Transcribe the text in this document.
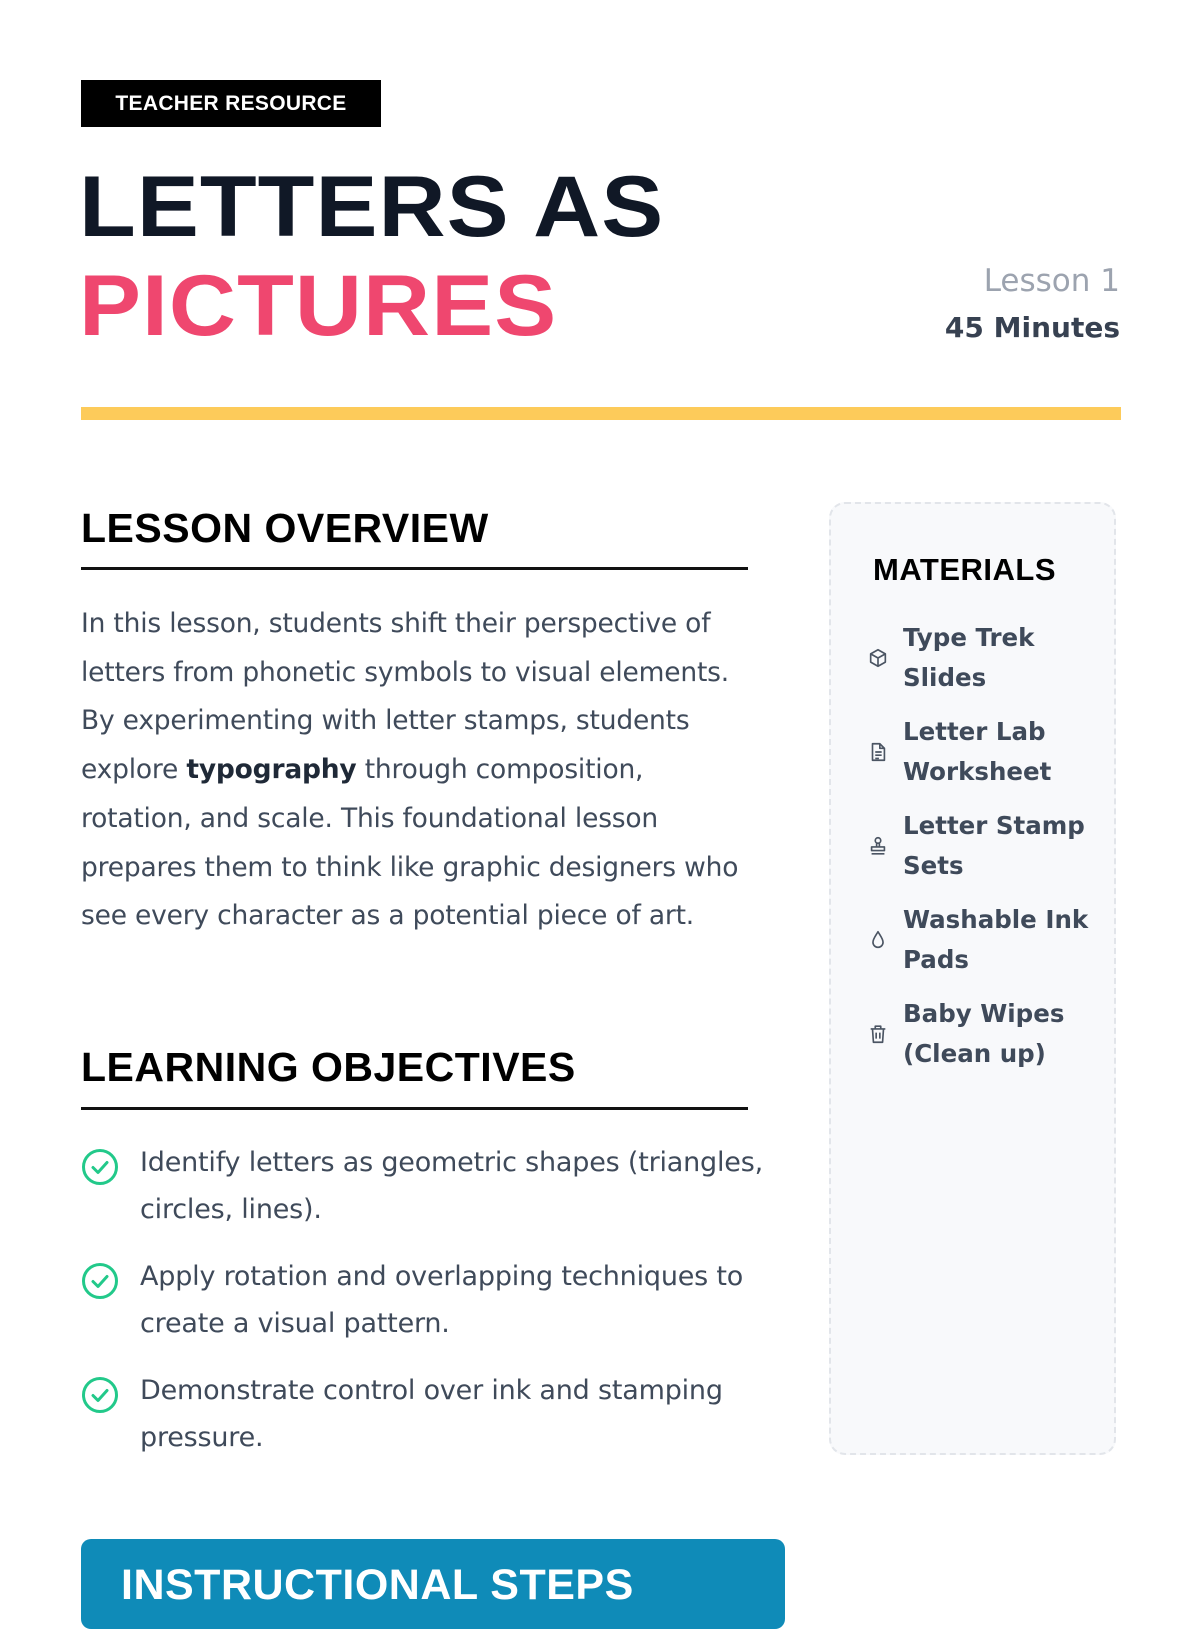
TEACHER RESOURCE
LETTERS AS
PICTURES	Lesson 1
45 Minutes
LESSON OVERVIEW

In this lesson, students shift their perspective of letters from phonetic symbols to visual elements. By experimenting with letter stamps, students explore typography through composition, rotation, and scale. This foundational lesson prepares them to think like graphic designers who see every character as a potential piece of art.

LEARNING OBJECTIVES
Identify letters as geometric shapes (triangles, circles, lines).
Apply rotation and overlapping techniques to create a visual pattern.
Demonstrate control over ink and stamping pressure.
MATERIALS
Type Trek Slides
Letter Lab Worksheet
Letter Stamp Sets
Washable Ink Pads
Baby Wipes (Clean up)
INSTRUCTIONAL STEPS
